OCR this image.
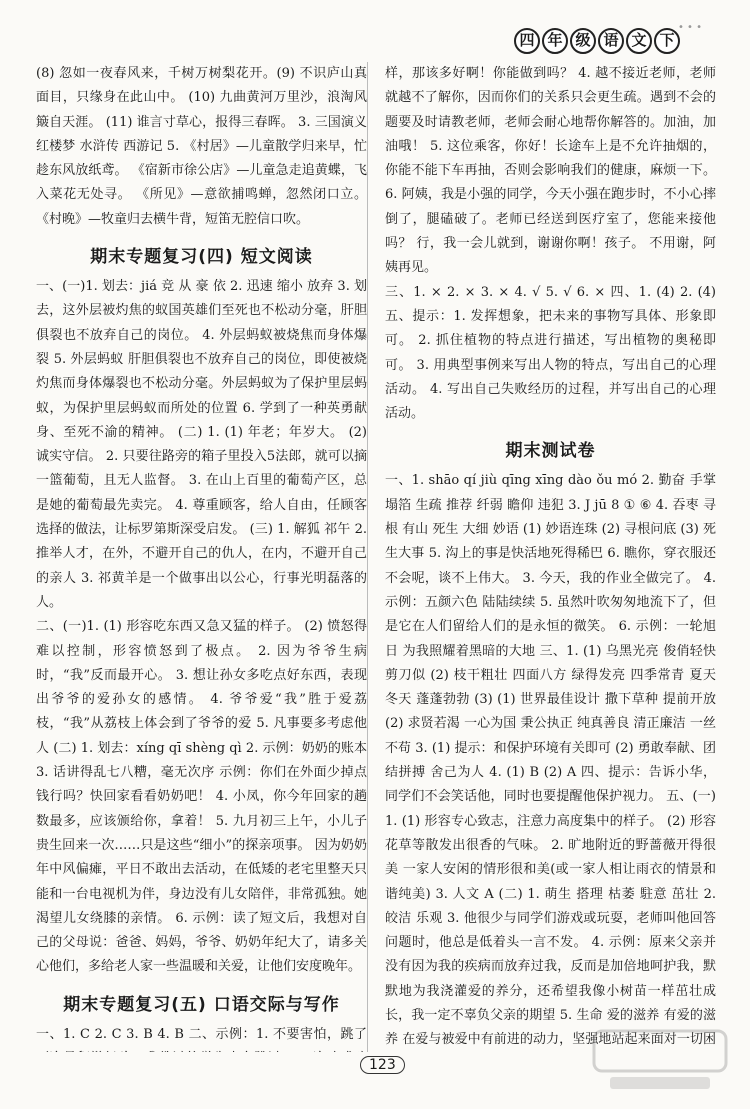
四 年 级 语 文 下
• • •

(8) 忽如一夜春风来，千树万树梨花开。(9) 不识庐山真面目，只缘身在此山中。 (10) 九曲黄河万里沙，浪淘风簸自天涯。 (11) 谁言寸草心，报得三春晖。 3. 三国演义 红楼梦 水浒传 西游记 5. 《村居》—儿童散学归来早，忙趁东风放纸鸢。 《宿新市徐公店》—儿童急走追黄蝶，飞入菜花无处寻。 《所见》—意欲捕鸣蝉，忽然闭口立。 《村晚》—牧童归去横牛背，短笛无腔信口吹。

期末专题复习(四) 短文阅读

一、(一)1. 划去：jiá 竞 从 豪 依 2. 迅速 缩小 放弃 3. 划去，这外层被灼焦的蚁国英雄们至死也不松动分毫，肝胆俱裂也不放弃自己的岗位。 4. 外层蚂蚁被烧焦而身体爆裂 5. 外层蚂蚁 肝胆俱裂也不放弃自己的岗位，即使被烧灼焦而身体爆裂也不松动分毫。外层蚂蚁为了保护里层蚂蚁，为保护里层蚂蚁而所处的位置 6. 学到了一种英勇献身、至死不渝的精神。 (二) 1. (1) 年老；年岁大。 (2) 诚实守信。 2. 只要往路旁的箱子里投入5法郎，就可以摘一篮葡萄，且无人监督。 3. 在山上百里的葡萄产区，总是她的葡萄最先卖完。 4. 尊重顾客，给人自由，任顾客选择的做法，让标罗第斯深受启发。 (三) 1. 解狐 祁午 2. 推举人才，在外，不避开自己的仇人，在内，不避开自己的亲人 3. 祁黄羊是一个做事出以公心，行事光明磊落的人。

二、(一)1. (1) 形容吃东西又急又猛的样子。 (2) 愤怒得难以控制，形容愤怒到了极点。 2. 因为爷爷生病时，“我”反而最开心。 3. 想让孙女多吃点好东西，表现出爷爷的爱孙女的感情。 4. 爷爷爱“我”胜于爱荔枝，“我”从荔枝上体会到了爷爷的爱 5. 凡事要多考虑他人 (二) 1. 划去：xíng qī shèng qì 2. 示例：奶奶的账本 3. 话讲得乱七八糟，毫无次序 示例：你们在外面少掉点钱行吗？快回家看看奶奶吧！ 4. 小凤，你今年回家的趟数最多，应该颁给你，拿着！ 5. 九月初三上午，小儿子贵生回来一次……只是这些“细小”的探亲项事。 因为奶奶年中风偏瘫，平日不敢出去活动，在低矮的老宅里整天只能和一台电视机为伴，身边没有儿女陪伴，非常孤独。她渴望儿女绕膝的亲情。 6. 示例：读了短文后，我想对自己的父母说：爸爸、妈妈，爷爷、奶奶年纪大了，请多关心他们，多给老人家一些温暖和关爱，让他们安度晚年。

期末专题复习(五) 口语交际与写作

一、1. C 2. C 3. B 4. B 二、示例：1. 不要害怕，跳了

样，那该多好啊！你能做到吗？ 4. 越不接近老师，老师就越不了解你，因而你们的关系只会更生疏。遇到不会的题要及时请教老师，老师会耐心地帮你解答的。加油，加油哦！ 5. 这位乘客，你好！长途车上是不允许抽烟的，你能不能下车再抽，否则会影响我们的健康，麻烦一下。 6. 阿姨，我是小强的同学，今天小强在跑步时，不小心摔倒了，腿磕破了。老师已经送到医疗室了，您能来接他吗？ 行，我一会儿就到，谢谢你啊！孩子。 不用谢，阿姨再见。

三、1. × 2. × 3. × 4. √ 5. √ 6. × 四、1. (4) 2. (4) 五、提示：1. 发挥想象，把未来的事物写具体、形象即可。 2. 抓住植物的特点进行描述，写出植物的奥秘即可。 3. 用典型事例来写出人物的特点，写出自己的心理活动。 4. 写出自己失败经历的过程，并写出自己的心理活动。

期末测试卷

一、1. shāo qí jiù qīng xīng dào ǒu mó 2. 勤奋 手掌 塌箔 生疏 推荐 纤弱 瞻仰 违犯 3. J jū 8 ① ⑥ 4. 吞枣 寻根 有山 死生 大细 妙语 (1) 妙语连珠 (2) 寻根问底 (3) 死生大事 5. 沟上的事是快活地死得稀巴 6. 瞧你，穿衣服还不会呢，谈不上伟大。 3. 今天，我的作业全做完了。 4. 示例：五颜六色 陆陆续续 5. 虽然叶吹匆匆地流下了，但是它在人们留给人们的是永恒的微笑。 6. 示例：一轮旭日 为我照耀着黑暗的大地 三、1. (1) 乌黑光亮 俊俏轻快 剪刀似 (2) 枝干粗壮 四面八方 绿得发亮 四季常青 夏天 冬天 蓬蓬勃勃 (3) (1) 世界最佳设计 撒下草种 提前开放 (2) 求贤若渴 一心为国 秉公执正 纯真善良 清正廉洁 一丝不苟 3. (1) 提示：和保护环境有关即可 (2) 勇敢奉献、团结拼搏 舍己为人 4. (1) B (2) A 四、提示：告诉小华，同学们不会笑话他，同时也要提醒他保护视力。 五、(一) 1. (1) 形容专心致志，注意力高度集中的样子。 (2) 形容花草等散发出很香的气味。 2. 旷地附近的野蔷薇开得很美 一家人安闲的情形很和美(或一家人相让雨衣的情景和谐纯美) 3. 人文 A (二) 1. 萌生 搭理 枯萎 駐意 茁壮 2. 皎洁 乐观 3. 他很少与同学们游戏或玩耍，老师叫他回答问题时，他总是低着头一言不发。 4. 示例：原来父亲并没有因为我的疾病而放弃过我，反而是加倍地呵护我，默默地为我浇灌爱的养分，还希望我像小树苗一样茁壮成长，我一定不辜负父亲的期望 5. 生命 爱的滋养 有爱的滋养 在爱与被爱中有前进的动力，坚强地站起来面对一切困

123
